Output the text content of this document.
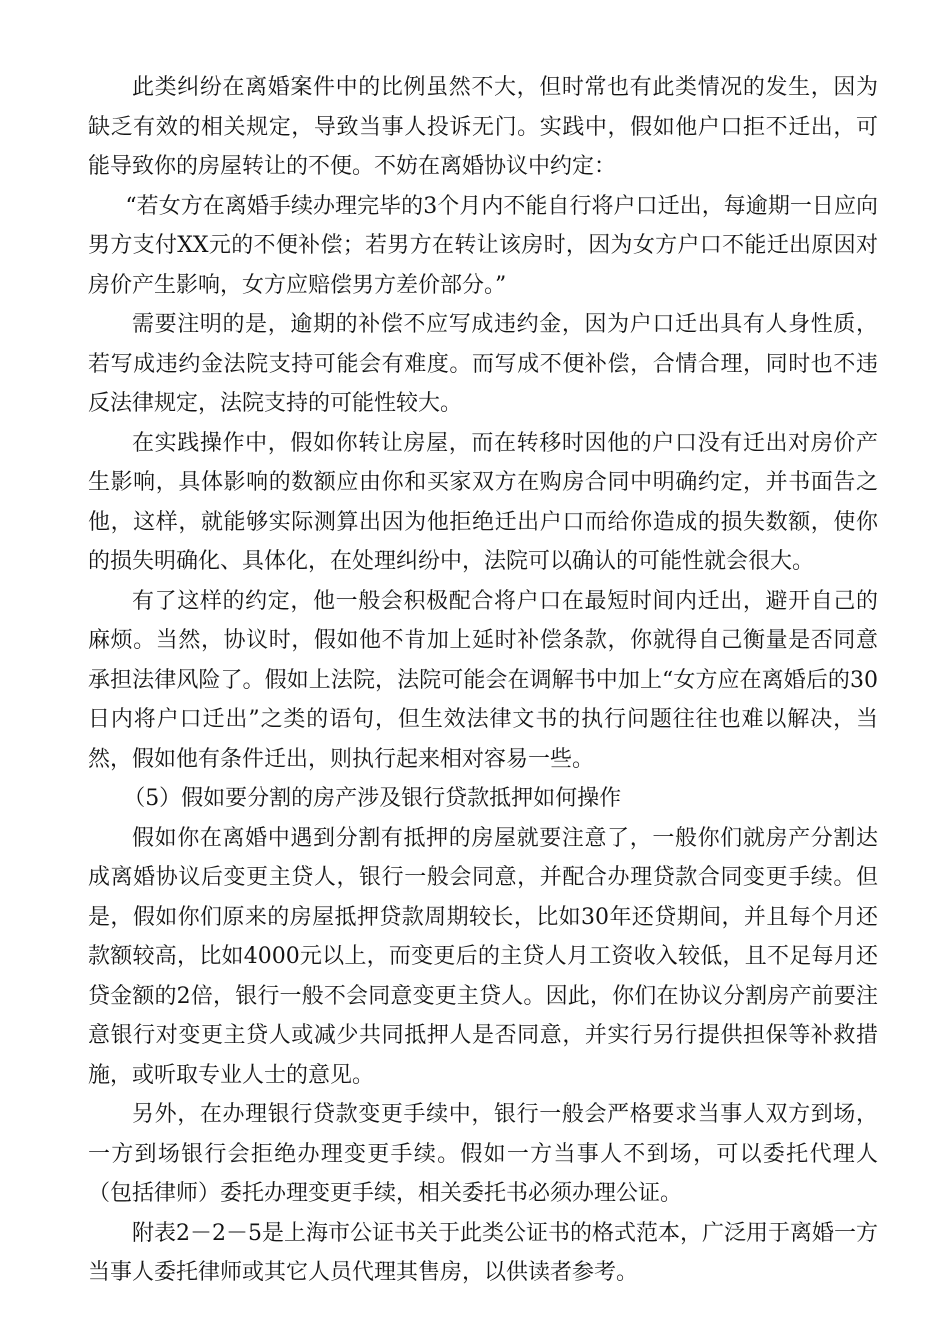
此类纠纷在离婚案件中的比例虽然不大，但时常也有此类情况的发生，因为缺乏有效的相关规定，导致当事人投诉无门。实践中，假如他户口拒不迁出，可能导致你的房屋转让的不便。不妨在离婚协议中约定：

“若女方在离婚手续办理完毕的3个月内不能自行将户口迁出，每逾期一日应向男方支付XX元的不便补偿；若男方在转让该房时，因为女方户口不能迁出原因对房价产生影响，女方应赔偿男方差价部分。”

需要注明的是，逾期的补偿不应写成违约金，因为户口迁出具有人身性质，若写成违约金法院支持可能会有难度。而写成不便补偿，合情合理，同时也不违反法律规定，法院支持的可能性较大。

在实践操作中，假如你转让房屋，而在转移时因他的户口没有迁出对房价产生影响，具体影响的数额应由你和买家双方在购房合同中明确约定，并书面告之他，这样，就能够实际测算出因为他拒绝迁出户口而给你造成的损失数额，使你的损失明确化、具体化，在处理纠纷中，法院可以确认的可能性就会很大。

有了这样的约定，他一般会积极配合将户口在最短时间内迁出，避开自己的麻烦。当然，协议时，假如他不肯加上延时补偿条款，你就得自己衡量是否同意承担法律风险了。假如上法院，法院可能会在调解书中加上“女方应在离婚后的30日内将户口迁出”之类的语句，但生效法律文书的执行问题往往也难以解决，当然，假如他有条件迁出，则执行起来相对容易一些。

（5）假如要分割的房产涉及银行贷款抵押如何操作

假如你在离婚中遇到分割有抵押的房屋就要注意了，一般你们就房产分割达成离婚协议后变更主贷人，银行一般会同意，并配合办理贷款合同变更手续。但是，假如你们原来的房屋抵押贷款周期较长，比如30年还贷期间，并且每个月还款额较高，比如4000元以上，而变更后的主贷人月工资收入较低，且不足每月还贷金额的2倍，银行一般不会同意变更主贷人。因此，你们在协议分割房产前要注意银行对变更主贷人或减少共同抵押人是否同意，并实行另行提供担保等补救措施，或听取专业人士的意见。

另外，在办理银行贷款变更手续中，银行一般会严格要求当事人双方到场，一方到场银行会拒绝办理变更手续。假如一方当事人不到场，可以委托代理人（包括律师）委托办理变更手续，相关委托书必须办理公证。

附表2－2－5是上海市公证书关于此类公证书的格式范本，广泛用于离婚一方当事人委托律师或其它人员代理其售房，以供读者参考。
